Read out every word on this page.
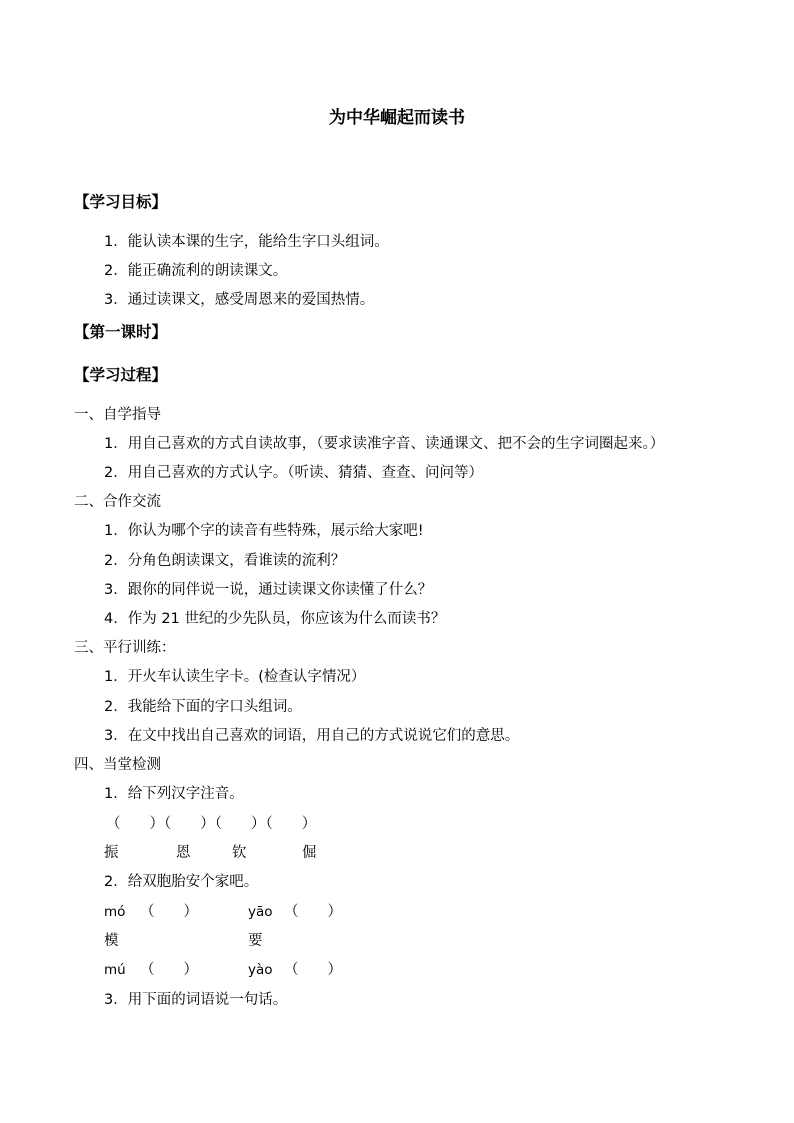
为中华崛起而读书
【学习目标】
1．能认读本课的生字，能给生字口头组词。
2．能正确流利的朗读课文。
3．通过读课文，感受周恩来的爱国热情。
【第一课时】
【学习过程】
一、自学指导
1．用自己喜欢的方式自读故事，（要求读准字音、读通课文、把不会的生字词圈起来。）
2．用自己喜欢的方式认字。（听读、猜猜、查查、问问等）
二、合作交流
1．你认为哪个字的读音有些特殊，展示给大家吧!
2．分角色朗读课文，看谁读的流利？
3．跟你的同伴说一说，通过读课文你读懂了什么？
4．作为 21 世纪的少先队员，你应该为什么而读书？
三、平行训练：
1．开火车认读生字卡。(检查认字情况）
2．我能给下面的字口头组词。
3．在文中找出自己喜欢的词语，用自己的方式说说它们的意思。
四、当堂检测
1．给下列汉字注音。
（　　）（　　）（　　）（　　）
振	恩	钦	倔
2．给双胞胎安个家吧。
mó （　　）	yāo （　　）
模	要
mú （　　）	yào （　　）
3．用下面的词语说一句话。
